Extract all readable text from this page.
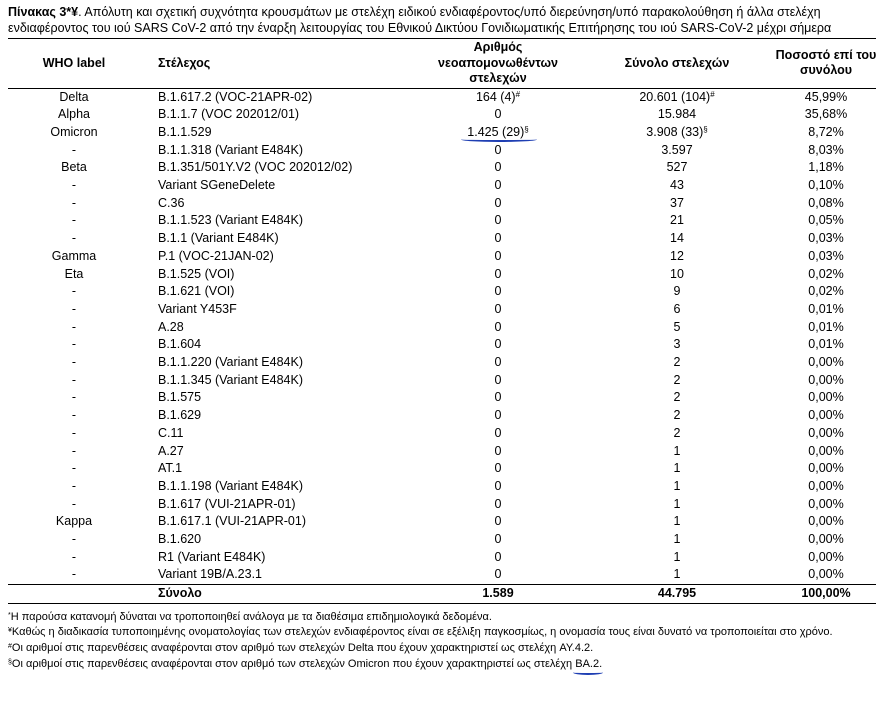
Πίνακας 3*¥. Απόλυτη και σχετική συχνότητα κρουσμάτων με στελέχη ειδικού ενδιαφέροντος/υπό διερεύνηση/υπό παρακολούθηση ή άλλα στελέχη ενδιαφέροντος του ιού SARS CoV-2 από την έναρξη λειτουργίας του Εθνικού Δικτύου Γονιδιωματικής Επιτήρησης του ιού SARS-CoV-2 μέχρι σήμερα

WHO label	Στέλεχος	Αριθμός νεοαπομονωθέντων στελεχών	Σύνολο στελεχών	Ποσοστό επί του συνόλου
Delta	B.1.617.2 (VOC-21APR-02)	164 (4)#	20.601 (104)#	45,99%
Alpha	B.1.1.7 (VOC 202012/01)	0	15.984	35,68%
Omicron	B.1.1.529	1.425 (29)§	3.908 (33)§	8,72%
-	B.1.1.318 (Variant E484K)	0	3.597	8,03%
Beta	B.1.351/501Y.V2 (VOC 202012/02)	0	527	1,18%
-	Variant SGeneDelete	0	43	0,10%
-	C.36	0	37	0,08%
-	B.1.1.523 (Variant E484K)	0	21	0,05%
-	B.1.1 (Variant E484K)	0	14	0,03%
Gamma	P.1 (VOC-21JAN-02)	0	12	0,03%
Eta	B.1.525 (VOI)	0	10	0,02%
-	B.1.621 (VOI)	0	9	0,02%
-	Variant Y453F	0	6	0,01%
-	A.28	0	5	0,01%
-	B.1.604	0	3	0,01%
-	B.1.1.220 (Variant E484K)	0	2	0,00%
-	B.1.1.345 (Variant E484K)	0	2	0,00%
-	B.1.575	0	2	0,00%
-	B.1.629	0	2	0,00%
-	C.11	0	2	0,00%
-	A.27	0	1	0,00%
-	AT.1	0	1	0,00%
-	B.1.1.198 (Variant E484K)	0	1	0,00%
-	B.1.617 (VUI-21APR-01)	0	1	0,00%
Kappa	B.1.617.1 (VUI-21APR-01)	0	1	0,00%
-	B.1.620	0	1	0,00%
-	R1 (Variant E484K)	0	1	0,00%
-	Variant 19B/A.23.1	0	1	0,00%
	Σύνολο	1.589	44.795	100,00%

*Η παρούσα κατανομή δύναται να τροποποιηθεί ανάλογα με τα διαθέσιμα επιδημιολογικά δεδομένα.

¥Καθώς η διαδικασία τυποποιημένης ονοματολογίας των στελεχών ενδιαφέροντος είναι σε εξέλιξη παγκοσμίως, η ονομασία τους είναι δυνατό να τροποποιείται στο χρόνο.

#Οι αριθμοί στις παρενθέσεις αναφέρονται στον αριθμό των στελεχών Delta που έχουν χαρακτηριστεί ως στελέχη AY.4.2.

§Οι αριθμοί στις παρενθέσεις αναφέρονται στον αριθμό των στελεχών Omicron που έχουν χαρακτηριστεί ως στελέχη BA.2
.
